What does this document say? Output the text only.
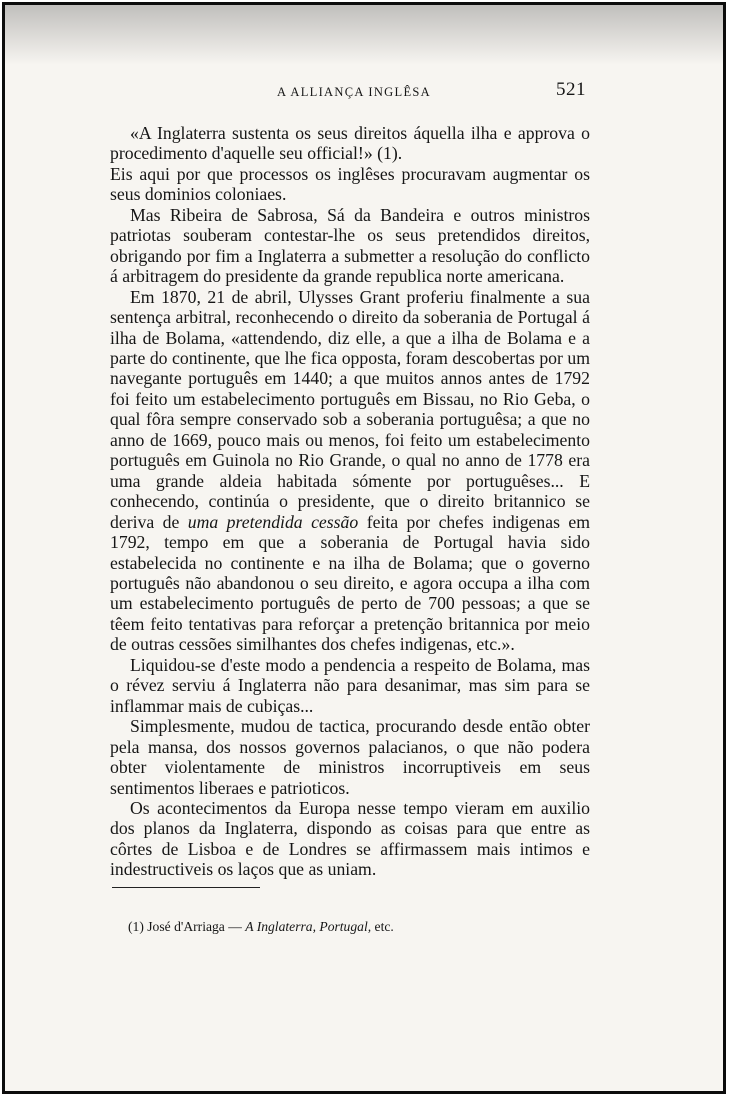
A ALLIANÇA INGLÊSA	521

«A Inglaterra sustenta os seus direitos áquella ilha e approva o procedimento d'aquelle seu official!» (1).

Eis aqui por que processos os inglêses procuravam augmentar os seus dominios coloniaes.

Mas Ribeira de Sabrosa, Sá da Bandeira e outros ministros patriotas souberam contestar-lhe os seus pretendidos direitos, obrigando por fim a Inglaterra a submetter a resolução do conflicto á arbitragem do presidente da grande republica norte americana.

Em 1870, 21 de abril, Ulysses Grant proferiu finalmente a sua sentença arbitral, reconhecendo o direito da soberania de Portugal á ilha de Bolama, «attendendo, diz elle, a que a ilha de Bolama e a parte do continente, que lhe fica opposta, foram descobertas por um navegante português em 1440; a que muitos annos antes de 1792 foi feito um estabelecimento português em Bissau, no Rio Geba, o qual fôra sempre conservado sob a soberania portuguêsa; a que no anno de 1669, pouco mais ou menos, foi feito um estabelecimento português em Guinola no Rio Grande, o qual no anno de 1778 era uma grande aldeia habitada sómente por portuguêses... E conhecendo, continúa o presidente, que o direito britannico se deriva de uma pretendida cessão feita por chefes indigenas em 1792, tempo em que a soberania de Portugal havia sido estabelecida no continente e na ilha de Bolama; que o governo português não abandonou o seu direito, e agora occupa a ilha com um estabelecimento português de perto de 700 pessoas; a que se têem feito tentativas para reforçar a pretenção britannica por meio de outras cessões similhantes dos chefes indigenas, etc.».

Liquidou-se d'este modo a pendencia a respeito de Bolama, mas o révez serviu á Inglaterra não para desanimar, mas sim para se inflammar mais de cubiças...

Simplesmente, mudou de tactica, procurando desde então obter pela mansa, dos nossos governos palacianos, o que não podera obter violentamente de ministros incorruptiveis em seus sentimentos liberaes e patrioticos.

Os acontecimentos da Europa nesse tempo vieram em auxilio dos planos da Inglaterra, dispondo as coisas para que entre as côrtes de Lisboa e de Londres se affirmassem mais intimos e indestructiveis os laços que as uniam.

(1) José d'Arriaga — A Inglaterra, Portugal, etc.
